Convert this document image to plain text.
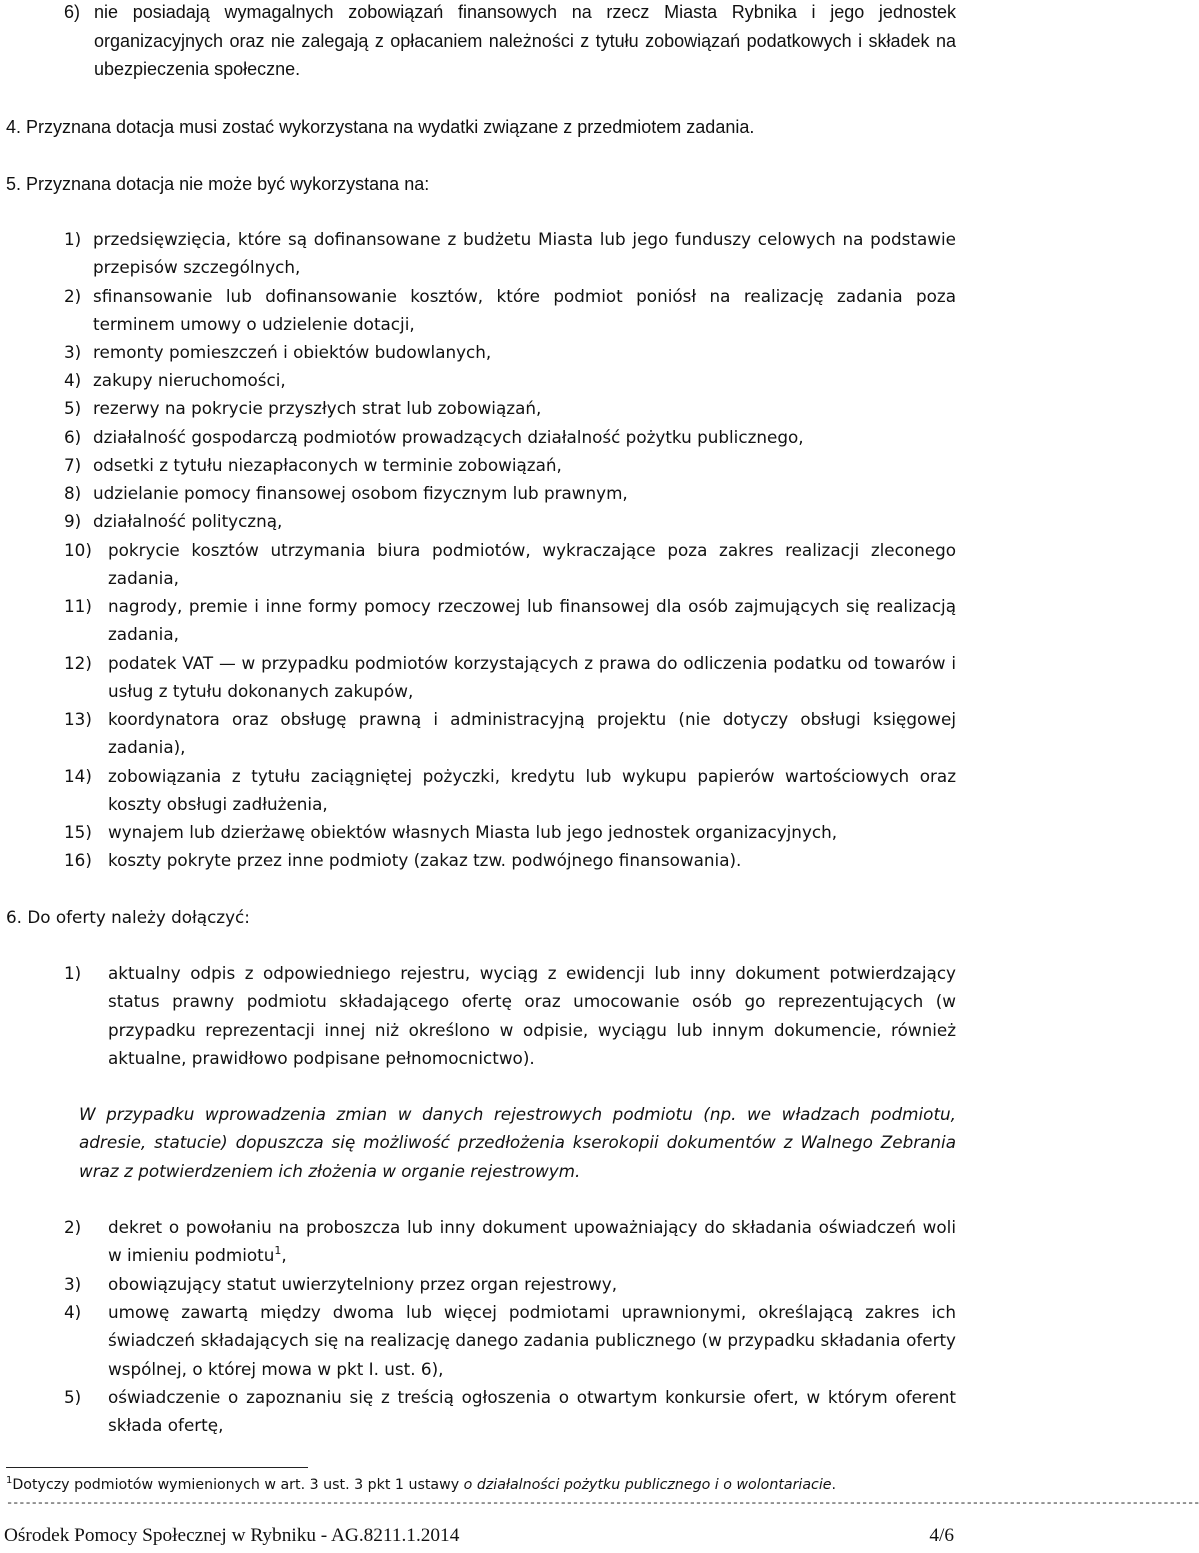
6) nie posiadają wymagalnych zobowiązań finansowych na rzecz Miasta Rybnika i jego jednostek organizacyjnych oraz nie zalegają z opłacaniem należności z tytułu zobowiązań podatkowych i składek na ubezpieczenia społeczne.
4. Przyznana dotacja musi zostać wykorzystana na wydatki związane z przedmiotem zadania.
5. Przyznana dotacja nie może być wykorzystana na:
1) przedsięwzięcia, które są dofinansowane z budżetu Miasta lub jego funduszy celowych na podstawie przepisów szczególnych,
2) sfinansowanie lub dofinansowanie kosztów, które podmiot poniósł na realizację zadania poza terminem umowy o udzielenie dotacji,
3) remonty pomieszczeń i obiektów budowlanych,
4) zakupy nieruchomości,
5) rezerwy na pokrycie przyszłych strat lub zobowiązań,
6) działalność gospodarczą podmiotów prowadzących działalność pożytku publicznego,
7) odsetki z tytułu niezapłaconych w terminie zobowiązań,
8) udzielanie pomocy finansowej osobom fizycznym lub prawnym,
9) działalność polityczną,
10) pokrycie kosztów utrzymania biura podmiotów, wykraczające poza zakres realizacji zleconego zadania,
11) nagrody, premie i inne formy pomocy rzeczowej lub finansowej dla osób zajmujących się realizacją zadania,
12) podatek VAT — w przypadku podmiotów korzystających z prawa do odliczenia podatku od towarów i usług z tytułu dokonanych zakupów,
13) koordynatora oraz obsługę prawną i administracyjną projektu (nie dotyczy obsługi księgowej zadania),
14) zobowiązania z tytułu zaciągniętej pożyczki, kredytu lub wykupu papierów wartościowych oraz koszty obsługi zadłużenia,
15) wynajem lub dzierżawę obiektów własnych Miasta lub jego jednostek organizacyjnych,
16) koszty pokryte przez inne podmioty (zakaz tzw. podwójnego finansowania).
6. Do oferty należy dołączyć:
1)	aktualny odpis z odpowiedniego rejestru, wyciąg z ewidencji lub inny dokument potwierdzający status prawny podmiotu składającego ofertę oraz umocowanie osób go reprezentujących (w przypadku reprezentacji innej niż określono w odpisie, wyciągu lub innym dokumencie, również aktualne, prawidłowo podpisane pełnomocnictwo).
W przypadku wprowadzenia zmian w danych rejestrowych podmiotu (np. we władzach podmiotu, adresie, statucie) dopuszcza się możliwość przedłożenia kserokopii dokumentów z Walnego Zebrania wraz z potwierdzeniem ich złożenia w organie rejestrowym.
2)	dekret o powołaniu na proboszcza lub inny dokument upoważniający do składania oświadczeń woli w imieniu podmiotu$^1$,
3)	obowiązujący statut uwierzytelniony przez organ rejestrowy,
4)	umowę zawartą między dwoma lub więcej podmiotami uprawnionymi, określającą zakres ich świadczeń składających się na realizację danego zadania publicznego (w przypadku składania oferty wspólnej, o której mowa w pkt I. ust. 6),
5)	oświadczenie o zapoznaniu się z treścią ogłoszenia o otwartym konkursie ofert, w którym oferent składa ofertę,
$^1$Dotyczy podmiotów wymienionych w art. 3 ust. 3 pkt 1 ustawy o działalności pożytku publicznego i o wolontariacie.
--------------------------------------------------------------------------------------------------------------------------------------------------------------------------------------------------
Ośrodek Pomocy Społecznej w Rybniku - AG.8211.1.2014	4/6
